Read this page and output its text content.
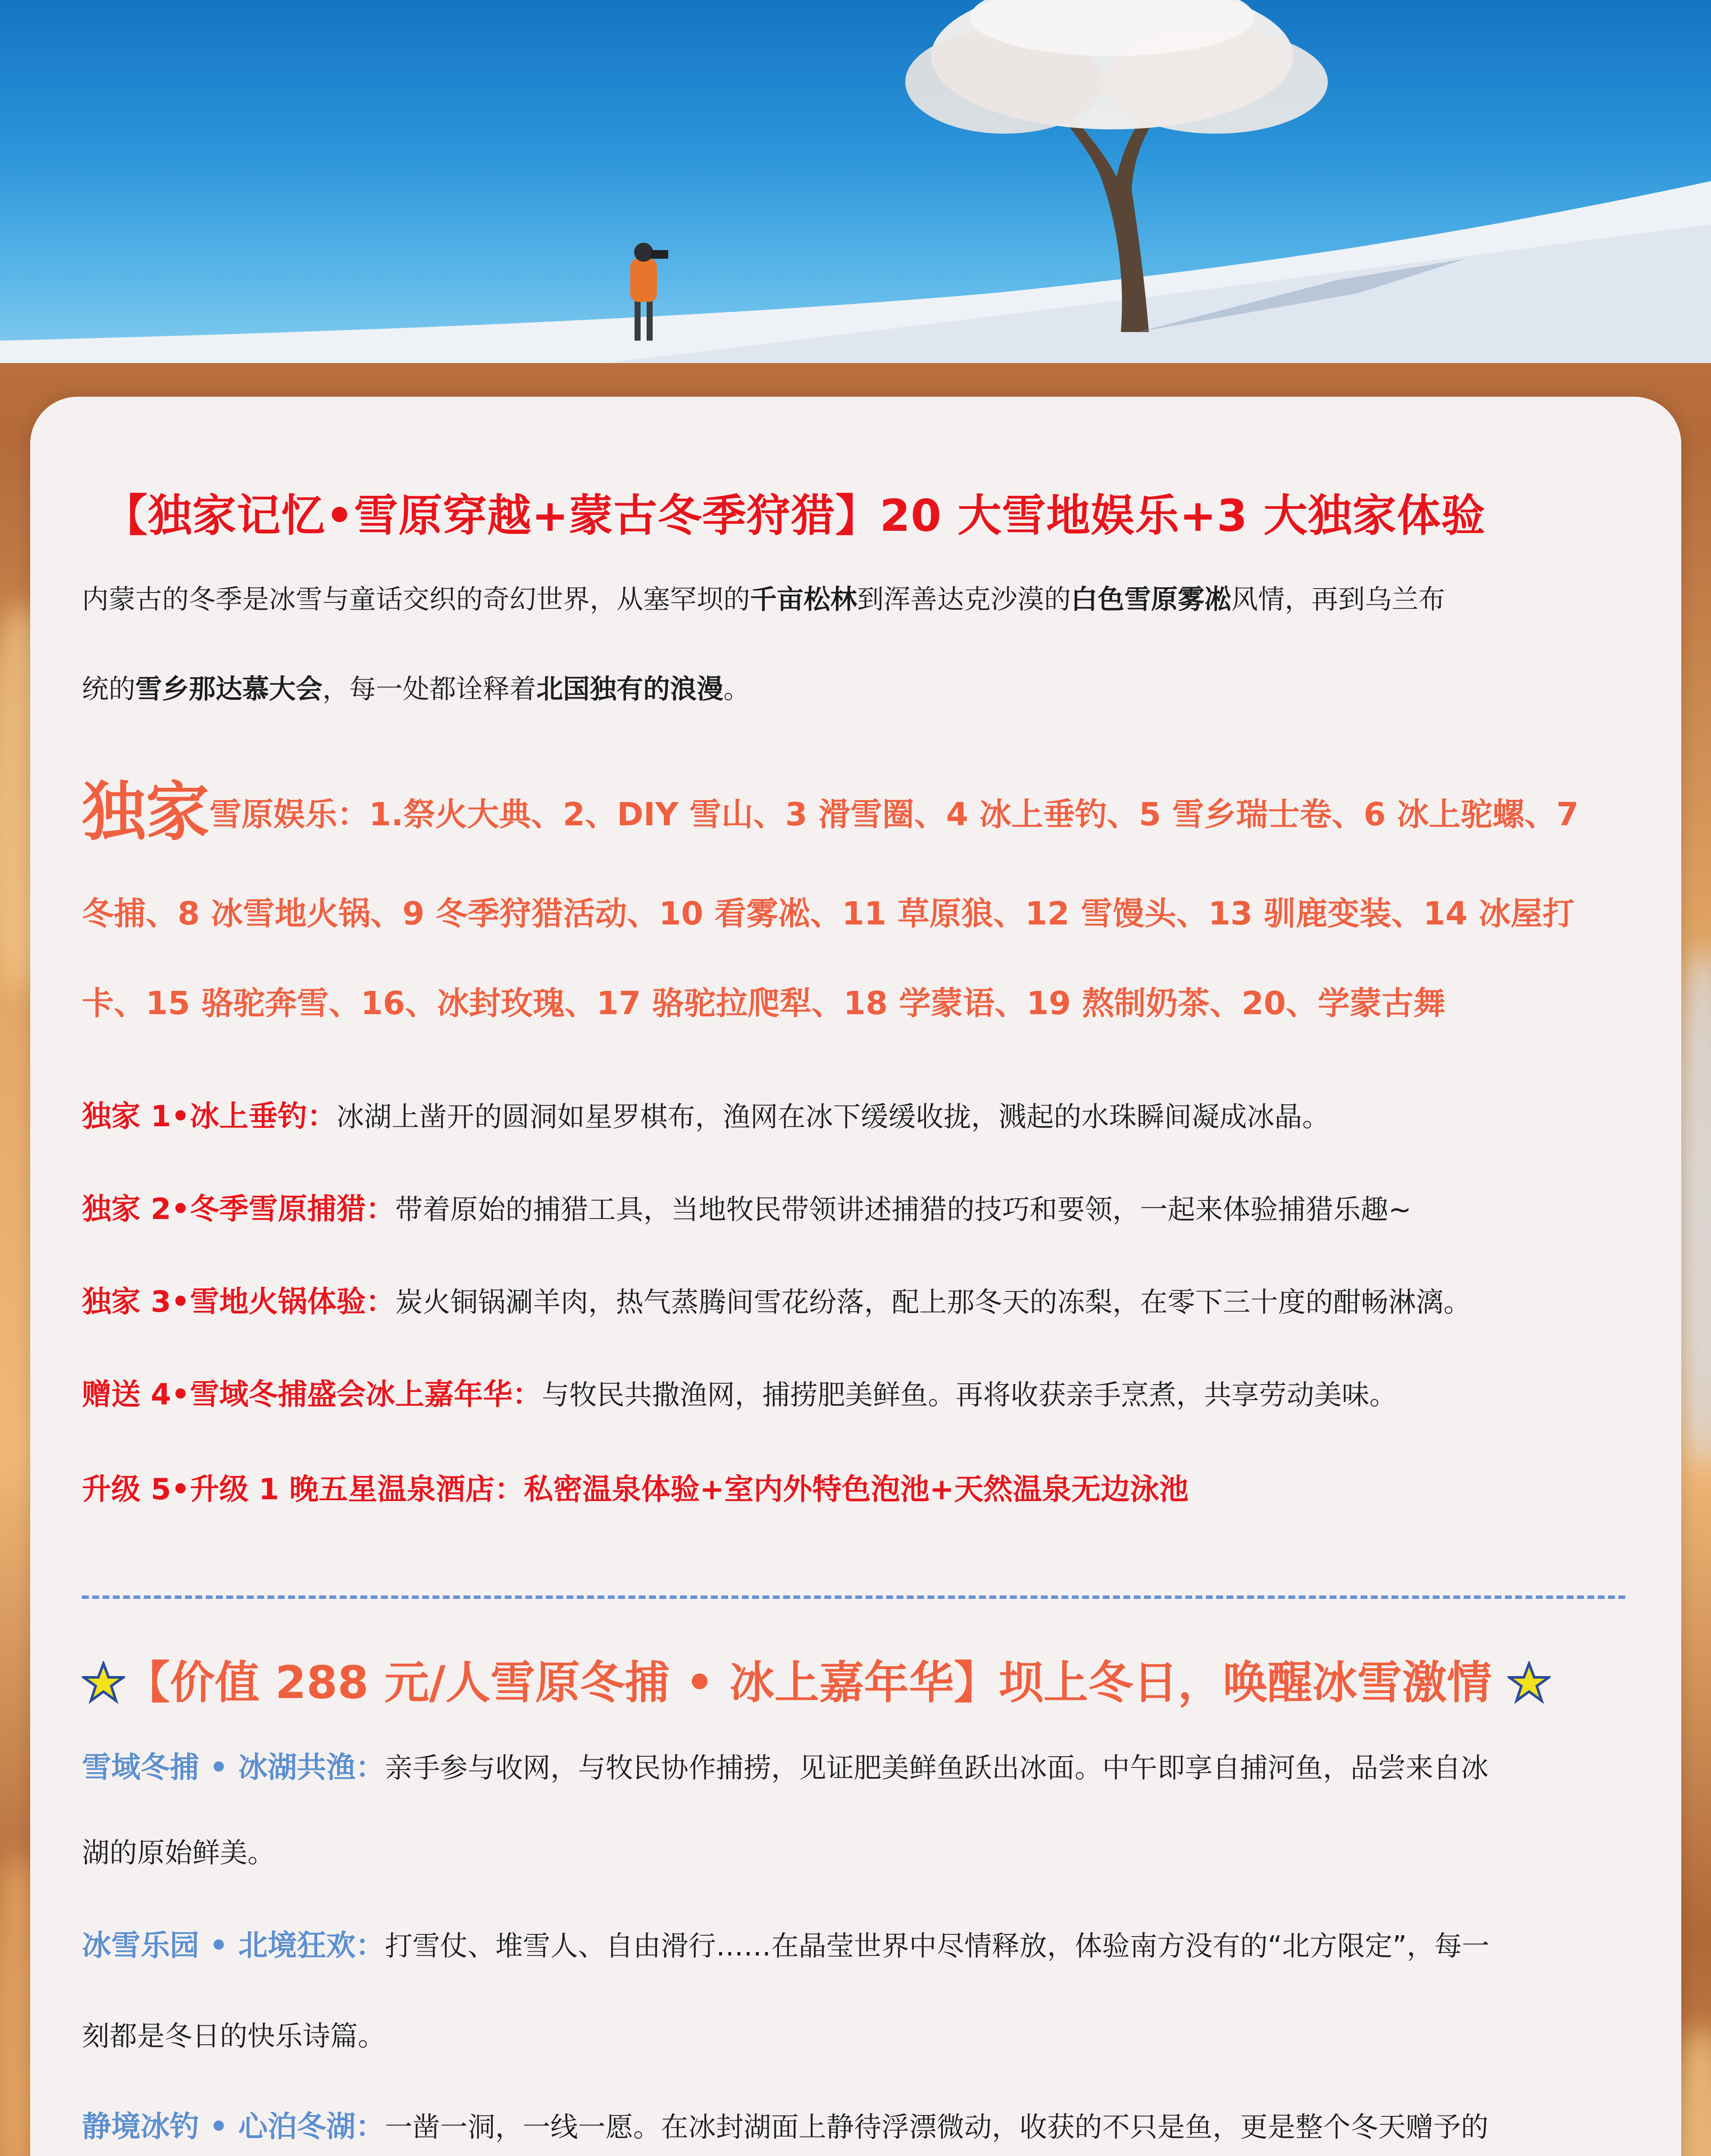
【独家记忆•雪原穿越+蒙古冬季狩猎】20 大雪地娱乐+3 大独家体验
内蒙古的冬季是冰雪与童话交织的奇幻世界，从塞罕坝的千亩松林到浑善达克沙漠的白色雪原雾凇风情，再到乌兰布
统的雪乡那达慕大会，每一处都诠释着北国独有的浪漫。
独家雪原娱乐：1.祭火大典、2、DIY 雪山、3 滑雪圈、4 冰上垂钓、5 雪乡瑞士卷、6 冰上驼螺、7
冬捕、8 冰雪地火锅、9 冬季狩猎活动、10 看雾凇、11 草原狼、12 雪馒头、13 驯鹿变装、14 冰屋打
卡、15 骆驼奔雪、16、冰封玫瑰、17 骆驼拉爬犁、18 学蒙语、19 熬制奶茶、20、学蒙古舞
独家 1•冰上垂钓：冰湖上凿开的圆洞如星罗棋布，渔网在冰下缓缓收拢，溅起的水珠瞬间凝成冰晶。
独家 2•冬季雪原捕猎：带着原始的捕猎工具，当地牧民带领讲述捕猎的技巧和要领，一起来体验捕猎乐趣~
独家 3•雪地火锅体验：炭火铜锅涮羊肉，热气蒸腾间雪花纷落，配上那冬天的冻梨，在零下三十度的酣畅淋漓。
赠送 4•雪域冬捕盛会冰上嘉年华：与牧民共撒渔网，捕捞肥美鲜鱼。再将收获亲手烹煮，共享劳动美味。
升级 5•升级 1 晚五星温泉酒店：私密温泉体验+室内外特色泡池+天然温泉无边泳池
【价值 288 元/人雪原冬捕 • 冰上嘉年华】坝上冬日，唤醒冰雪激情
雪域冬捕 • 冰湖共渔：亲手参与收网，与牧民协作捕捞，见证肥美鲜鱼跃出冰面。中午即享自捕河鱼，品尝来自冰
湖的原始鲜美。
冰雪乐园 • 北境狂欢：打雪仗、堆雪人、自由滑行……在晶莹世界中尽情释放，体验南方没有的“北方限定”，每一
刻都是冬日的快乐诗篇。
静境冰钓 • 心泊冬湖：一凿一洞，一线一愿。在冰封湖面上静待浮漂微动，收获的不只是鱼，更是整个冬天赠予的
